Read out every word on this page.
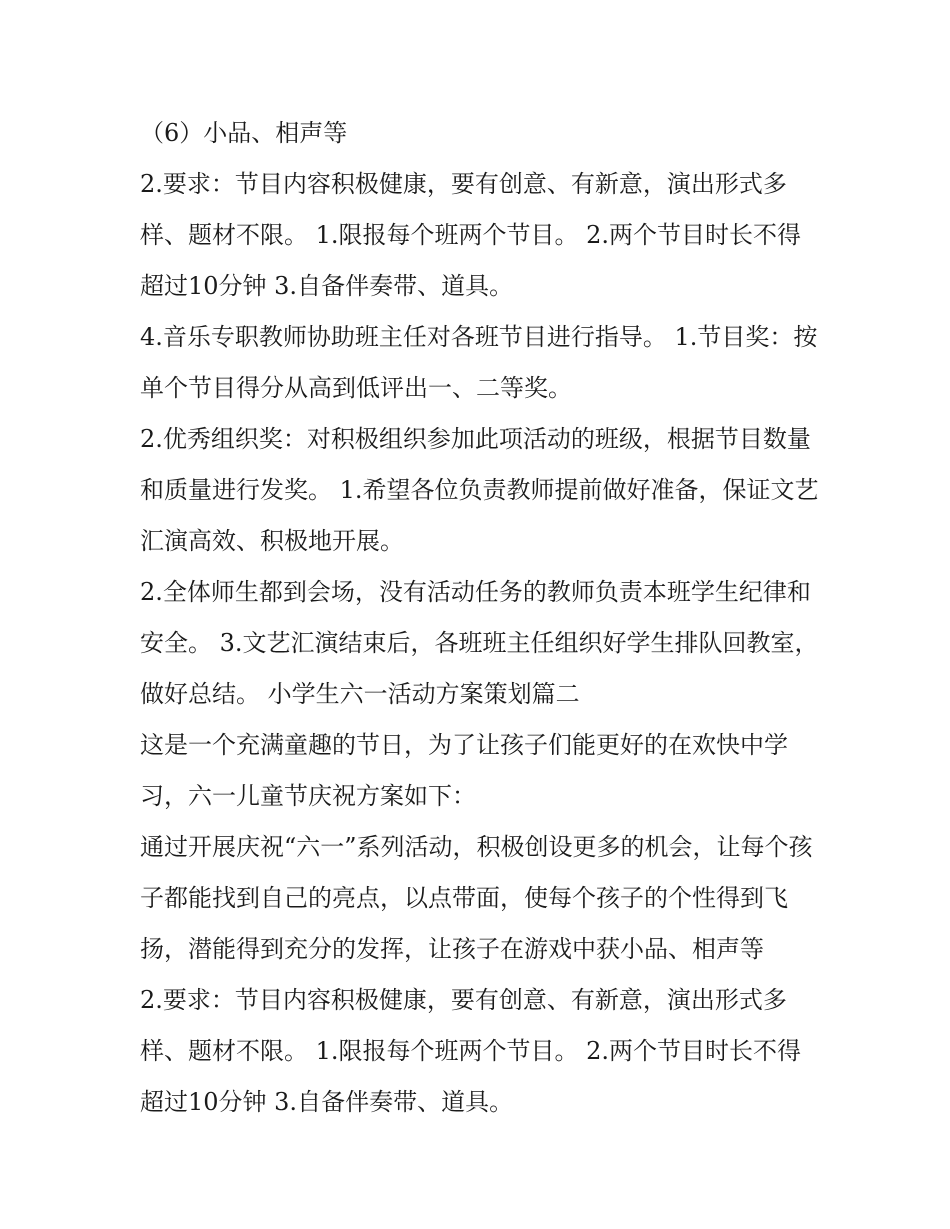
（6）小品、相声等

2.要求：节目内容积极健康，要有创意、有新意，演出形式多样、题材不限。 1.限报每个班两个节目。 2.两个节目时长不得超过10分钟 3.自备伴奏带、道具。

4.音乐专职教师协助班主任对各班节目进行指导。 1.节目奖：按单个节目得分从高到低评出一、二等奖。

2.优秀组织奖：对积极组织参加此项活动的班级，根据节目数量和质量进行发奖。 1.希望各位负责教师提前做好准备，保证文艺汇演高效、积极地开展。

2.全体师生都到会场，没有活动任务的教师负责本班学生纪律和安全。 3.文艺汇演结束后，各班班主任组织好学生排队回教室，做好总结。 小学生六一活动方案策划篇二

这是一个充满童趣的节日，为了让孩子们能更好的在欢快中学习，六一儿童节庆祝方案如下：

通过开展庆祝“六一”系列活动，积极创设更多的机会，让每个孩子都能找到自己的亮点，以点带面，使每个孩子的个性得到飞扬，潜能得到充分的发挥，让孩子在游戏中获小品、相声等

2.要求：节目内容积极健康，要有创意、有新意，演出形式多样、题材不限。 1.限报每个班两个节目。 2.两个节目时长不得超过10分钟 3.自备伴奏带、道具。
